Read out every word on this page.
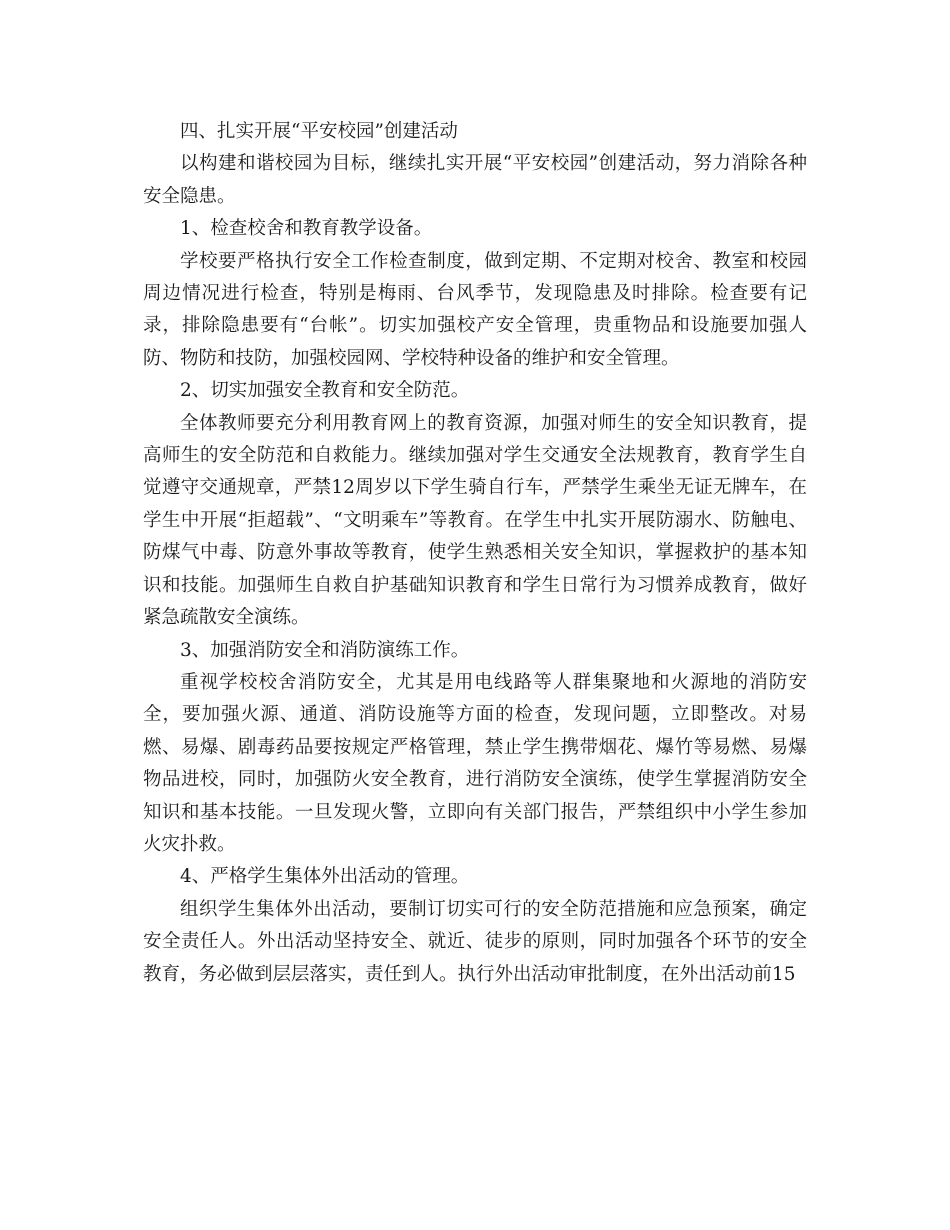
四、扎实开展“平安校园”创建活动

以构建和谐校园为目标，继续扎实开展“平安校园”创建活动，努力消除各种安全隐患。

1、检查校舍和教育教学设备。

学校要严格执行安全工作检查制度，做到定期、不定期对校舍、教室和校园周边情况进行检查，特别是梅雨、台风季节，发现隐患及时排除。检查要有记录，排除隐患要有“台帐”。切实加强校产安全管理，贵重物品和设施要加强人防、物防和技防，加强校园网、学校特种设备的维护和安全管理。

2、切实加强安全教育和安全防范。

全体教师要充分利用教育网上的教育资源，加强对师生的安全知识教育，提高师生的安全防范和自救能力。继续加强对学生交通安全法规教育，教育学生自觉遵守交通规章，严禁12周岁以下学生骑自行车，严禁学生乘坐无证无牌车，在学生中开展“拒超载”、“文明乘车”等教育。在学生中扎实开展防溺水、防触电、防煤气中毒、防意外事故等教育，使学生熟悉相关安全知识，掌握救护的基本知识和技能。加强师生自救自护基础知识教育和学生日常行为习惯养成教育，做好紧急疏散安全演练。

3、加强消防安全和消防演练工作。

重视学校校舍消防安全，尤其是用电线路等人群集聚地和火源地的消防安全，要加强火源、通道、消防设施等方面的检查，发现问题，立即整改。对易燃、易爆、剧毒药品要按规定严格管理，禁止学生携带烟花、爆竹等易燃、易爆物品进校，同时，加强防火安全教育，进行消防安全演练，使学生掌握消防安全知识和基本技能。一旦发现火警，立即向有关部门报告，严禁组织中小学生参加火灾扑救。

4、严格学生集体外出活动的管理。

组织学生集体外出活动，要制订切实可行的安全防范措施和应急预案，确定安全责任人。外出活动坚持安全、就近、徒步的原则，同时加强各个环节的安全教育，务必做到层层落实，责任到人。执行外出活动审批制度，在外出活动前15
